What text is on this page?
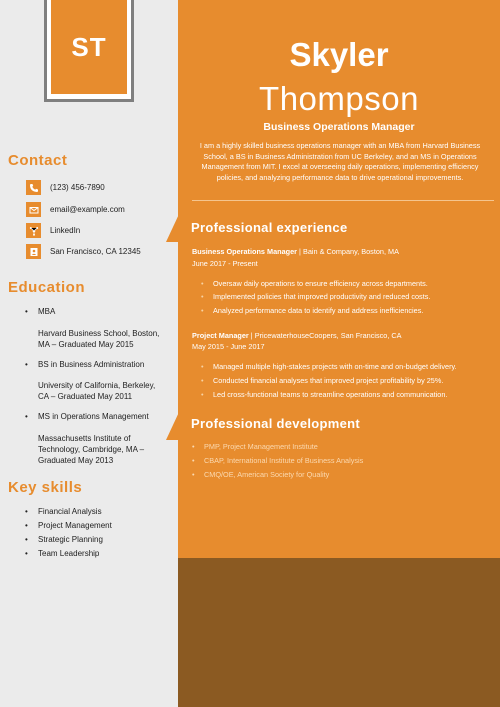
ST
Contact
(123) 456-7890
email@example.com
LinkedIn
San Francisco, CA 12345
Education
• MBA
Harvard Business School, Boston, MA – Graduated May 2015
• BS in Business Administration
University of California, Berkeley, CA – Graduated May 2011
• MS in Operations Management
Massachusetts Institute of Technology, Cambridge, MA – Graduated May 2013
Key skills
• Financial Analysis
• Project Management
• Strategic Planning
• Team Leadership
Skyler
Thompson
Business Operations Manager
I am a highly skilled business operations manager with an MBA from Harvard Business School, a BS in Business Administration from UC Berkeley, and an MS in Operations Management from MIT. I excel at overseeing daily operations, implementing efficiency policies, and analyzing performance data to drive operational improvements.
Professional experience
Business Operations Manager | Bain & Company, Boston, MA
June 2017 - Present
• Oversaw daily operations to ensure efficiency across departments.
• Implemented policies that improved productivity and reduced costs.
• Analyzed performance data to identify and address inefficiencies.
Project Manager | PricewaterhouseCoopers, San Francisco, CA
May 2015 - June 2017
• Managed multiple high-stakes projects with on-time and on-budget delivery.
• Conducted financial analyses that improved project profitability by 25%.
• Led cross-functional teams to streamline operations and communication.
Professional development
• PMP, Project Management Institute
• CBAP, International Institute of Business Analysis
• CMQ/OE, American Society for Quality
